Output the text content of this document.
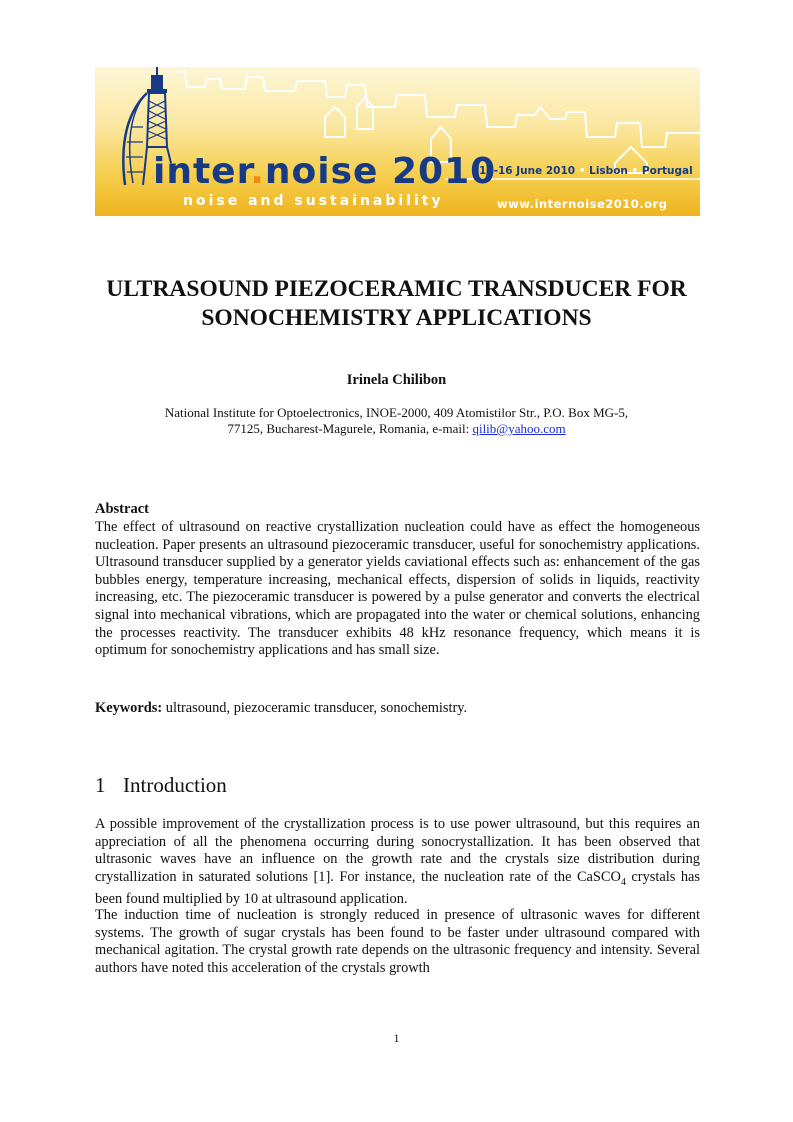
inter.noise 2010
noise and sustainability
13-16 June 2010 • Lisbon • Portugal
www.internoise2010.org
ULTRASOUND PIEZOCERAMIC TRANSDUCER FOR
SONOCHEMISTRY APPLICATIONS

Irinela Chilibon

National Institute for Optoelectronics, INOE-2000, 409 Atomistilor Str., P.O. Box MG-5,
77125, Bucharest-Magurele, Romania, e-mail: qilib@yahoo.com

Abstract

The effect of ultrasound on reactive crystallization nucleation could have as effect the homogeneous nucleation. Paper presents an ultrasound piezoceramic transducer, useful for sonochemistry applications. Ultrasound transducer supplied by a generator yields caviational effects such as: enhancement of the gas bubbles energy, temperature increasing, mechanical effects, dispersion of solids in liquids, reactivity increasing, etc. The piezoceramic transducer is powered by a pulse generator and converts the electrical signal into mechanical vibrations, which are propagated into the water or chemical solutions, enhancing the processes reactivity. The transducer exhibits 48 kHz resonance frequency, which means it is optimum for sonochemistry applications and has small size.

Keywords: ultrasound, piezoceramic transducer, sonochemistry.

1 Introduction

A possible improvement of the crystallization process is to use power ultrasound, but this requires an appreciation of all the phenomena occurring during sonocrystallization. It has been observed that ultrasonic waves have an influence on the growth rate and the crystals size distribution during crystallization in saturated solutions [1]. For instance, the nucleation rate of the CaSCO$_4$ crystals has been found multiplied by 10 at ultrasound application.

The induction time of nucleation is strongly reduced in presence of ultrasonic waves for different systems. The growth of sugar crystals has been found to be faster under ultrasound compared with mechanical agitation. The crystal growth rate depends on the ultrasonic frequency and intensity. Several authors have noted this acceleration of the crystals growth

1
